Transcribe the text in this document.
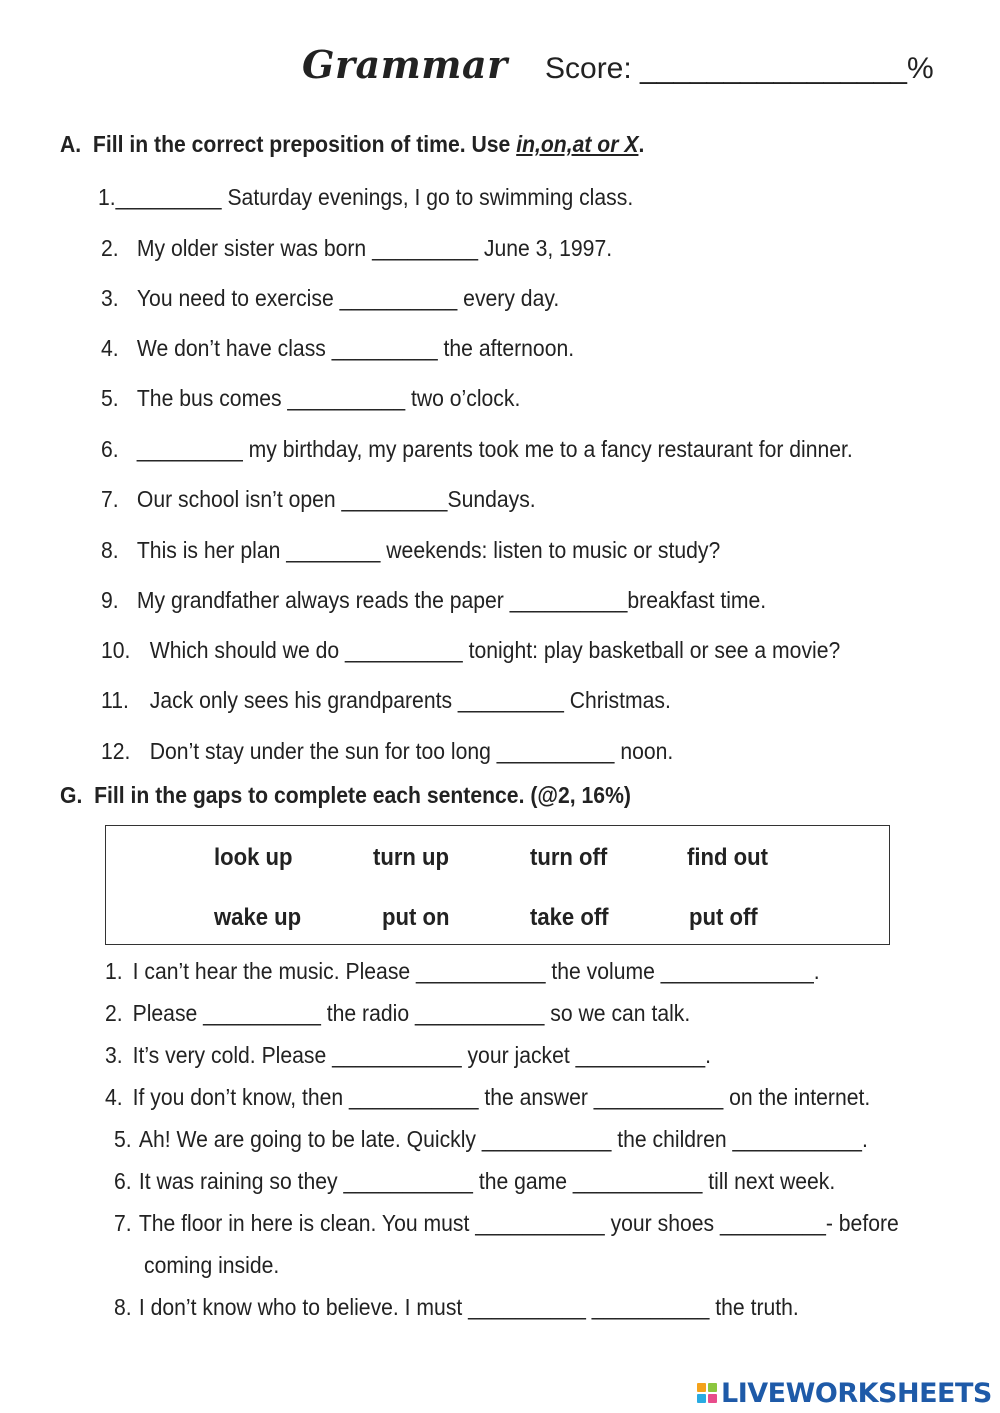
Grammar Score: ________________%
A. Fill in the correct preposition of time. Use in,on,at or X.
1._________ Saturday evenings, I go to swimming class.
2. My older sister was born _________ June 3, 1997.
3. You need to exercise __________ every day.
4. We don’t have class _________ the afternoon.
5. The bus comes __________ two o’clock.
6. _________ my birthday, my parents took me to a fancy restaurant for dinner.
7. Our school isn’t open _________Sundays.
8. This is her plan ________ weekends: listen to music or study?
9. My grandfather always reads the paper __________breakfast time.
10. Which should we do __________ tonight: play basketball or see a movie?
11. Jack only sees his grandparents _________ Christmas.
12. Don’t stay under the sun for too long __________ noon.
G. Fill in the gaps to complete each sentence. (@2, 16%)
look up	turn up	turn off	find out
wake up	put on	take off	put off
1. I can’t hear the music. Please ___________ the volume _____________.
2. Please __________ the radio ___________ so we can talk.
3. It’s very cold. Please ___________ your jacket ___________.
4. If you don’t know, then ___________ the answer ___________ on the internet.
5. Ah! We are going to be late. Quickly ___________ the children ___________.
6. It was raining so they ___________ the game ___________ till next week.
7. The floor in here is clean. You must ___________ your shoes _________- before
coming inside.
8. I don’t know who to believe. I must __________ __________ the truth.
LIVEWORKSHEETS
